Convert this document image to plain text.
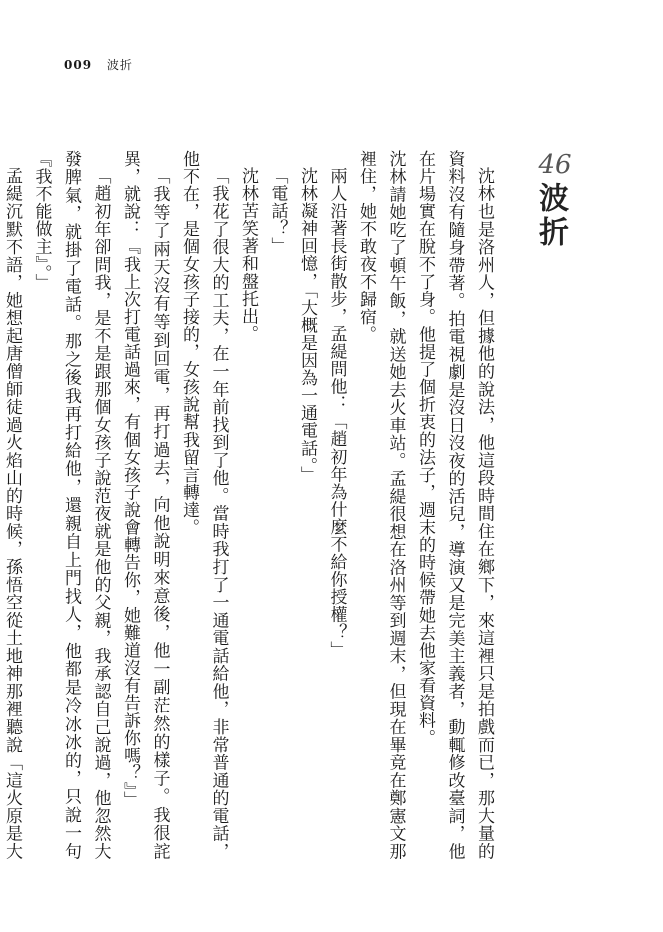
009 波折
46
波折

沈林也是洛州人，但據他的說法，他這段時間住在鄉下，來這裡只是拍戲而已，那大量的資料沒有隨身帶著。拍電視劇是沒日沒夜的活兒，導演又是完美主義者，動輒修改臺詞，他在片場實在脫不了身。他提了個折衷的法子，週末的時候帶她去他家看資料。

沈林請她吃了頓午飯，就送她去火車站。孟緹很想在洛州等到週末，但現在畢竟在鄭憲文那裡住，她不敢夜不歸宿。

兩人沿著長街散步，孟緹問他：「趙初年為什麼不給你授權？」

沈林凝神回憶，「大概是因為一通電話。」

「電話？」

沈林苦笑著和盤托出。

「我花了很大的工夫，在一年前找到了他。當時我打了一通電話給他，非常普通的電話，他不在，是個女孩子接的，女孩說幫我留言轉達。

「我等了兩天沒有等到回電，再打過去，向他說明來意後，他一副茫然的樣子。我很詫異，就說：『我上次打電話過來，有個女孩子說會轉告你，她難道沒有告訴你嗎？』」

「趙初年卻問我，是不是跟那個女孩子說范夜就是他的父親，我承認自己說過，他忽然大發脾氣，就掛了電話。那之後我再打給他，還親自上門找人，他都是冷冰冰的，只說一句『我不能做主』。」

孟緹沉默不語，她想起唐僧師徒過火焰山的時候，孫悟空從土地神那裡聽說「這火原是大
